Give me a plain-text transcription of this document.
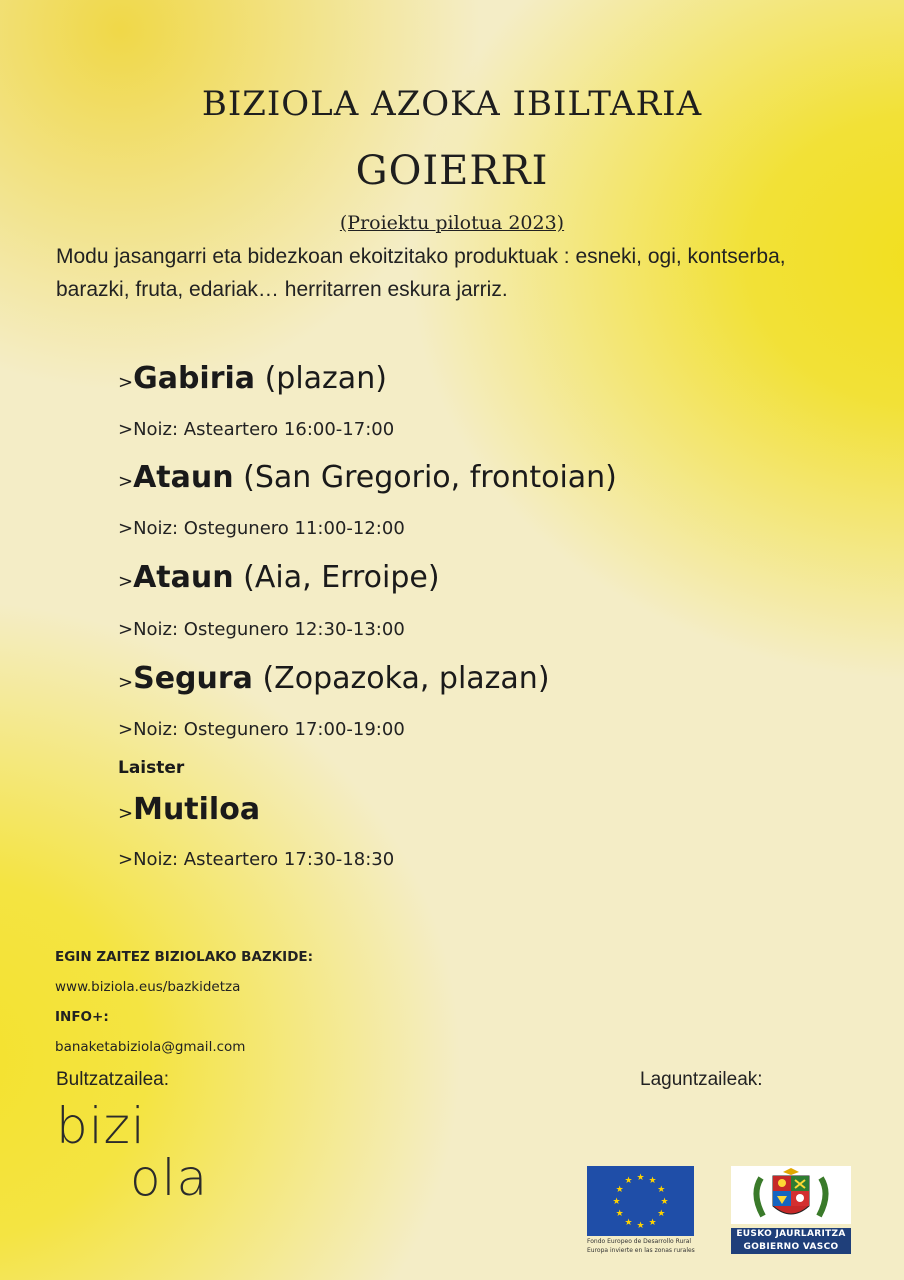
BIZIOLA AZOKA IBILTARIA
GOIERRI
(Proiektu pilotua 2023)
Modu jasangarri eta bidezkoan ekoitzitako produktuak : esneki, ogi, kontserba, barazki, fruta, edariak… herritarren eskura jarriz.
>Gabiria (plazan)
>Noiz: Asteartero 16:00-17:00
>Ataun (San Gregorio, frontoian)
>Noiz: Ostegunero 11:00-12:00
>Ataun (Aia, Erroipe)
>Noiz: Ostegunero 12:30-13:00
>Segura (Zopazoka, plazan)
>Noiz: Ostegunero 17:00-19:00
Laister
>Mutiloa
>Noiz: Asteartero 17:30-18:30
EGIN ZAITEZ BIZIOLAKO BAZKIDE:
www.biziola.eus/bazkidetza
INFO+:
banaketabiziola@gmail.com
Bultzatzailea:	Laguntzaileak:
bizi
ola	★ ★
★
★
★
★
★
★
★
★
★
★
Fondo Europeo de Desarrollo Rural
Europa invierte en las zonas rurales
EUSKO JAURLARITZA
GOBIERNO VASCO
